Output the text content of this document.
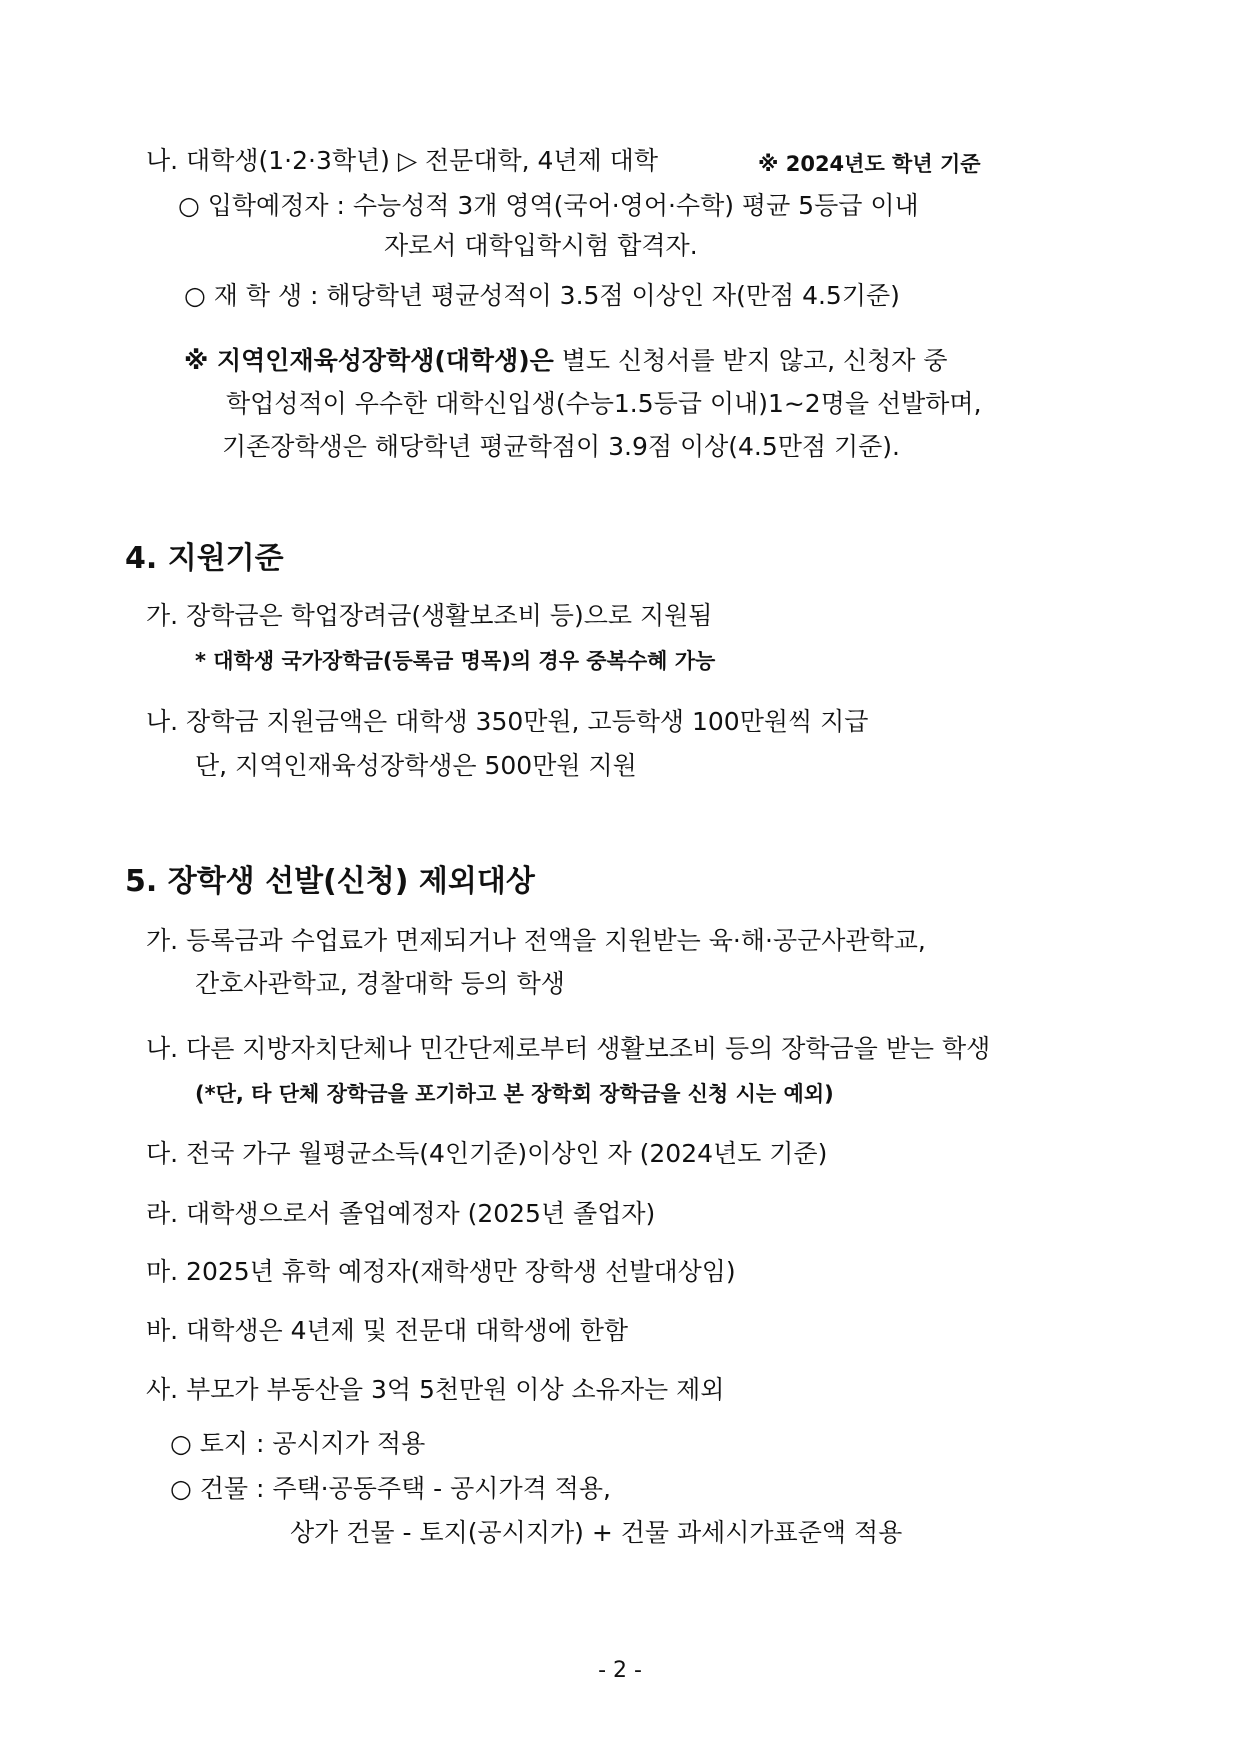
나. 대학생(1·2·3학년) ▷ 전문대학, 4년제 대학	※ 2024년도 학년 기준
○ 입학예정자 : 수능성적 3개 영역(국어·영어·수학) 평균 5등급 이내
자로서 대학입학시험 합격자.
○ 재 학 생 : 해당학년 평균성적이 3.5점 이상인 자(만점 4.5기준)
※ 지역인재육성장학생(대학생)은 별도 신청서를 받지 않고, 신청자 중
학업성적이 우수한 대학신입생(수능1.5등급 이내)1~2명을 선발하며,
기존장학생은 해당학년 평균학점이 3.9점 이상(4.5만점 기준).
4. 지원기준
가. 장학금은 학업장려금(생활보조비 등)으로 지원됨
* 대학생 국가장학금(등록금 명목)의 경우 중복수혜 가능
나. 장학금 지원금액은 대학생 350만원, 고등학생 100만원씩 지급
단, 지역인재육성장학생은 500만원 지원
5. 장학생 선발(신청) 제외대상
가. 등록금과 수업료가 면제되거나 전액을 지원받는 육·해·공군사관학교,
간호사관학교, 경찰대학 등의 학생
나. 다른 지방자치단체나 민간단제로부터 생활보조비 등의 장학금을 받는 학생
(*단, 타 단체 장학금을 포기하고 본 장학회 장학금을 신청 시는 예외)
다. 전국 가구 월평균소득(4인기준)이상인 자 (2024년도 기준)
라. 대학생으로서 졸업예정자 (2025년 졸업자)
마. 2025년 휴학 예정자(재학생만 장학생 선발대상임)
바. 대학생은 4년제 및 전문대 대학생에 한함
사. 부모가 부동산을 3억 5천만원 이상 소유자는 제외
○ 토지 : 공시지가 적용
○ 건물 : 주택·공동주택 - 공시가격 적용,
상가 건물 - 토지(공시지가) + 건물 과세시가표준액 적용
- 2 -
